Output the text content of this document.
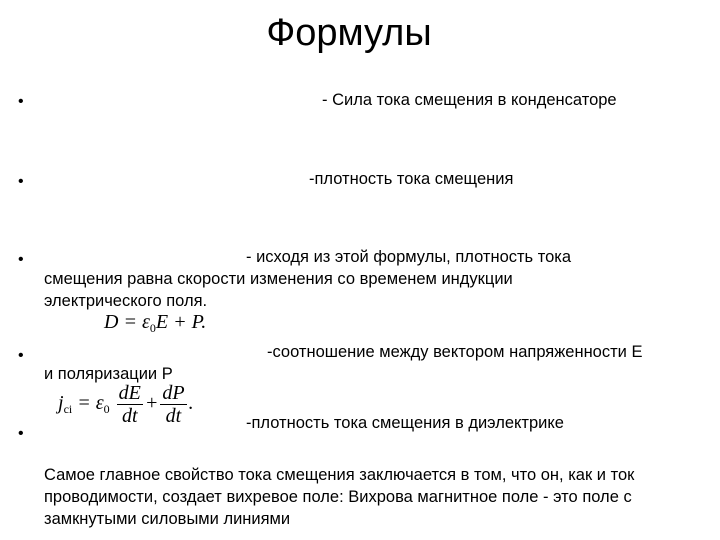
Формулы
•	- Сила тока смещения в конденсаторе
•	-плотность тока смещения
•	- исходя из этой формулы, плотность тока
смещения равна скорости изменения со временем индукции электрического поля.
$D = \varepsilon_0E + P$.
•	-соотношение между вектором напряженности E
и поляризации P
$j_{ci} = \varepsilon_0 \frac{dE}{dt} + \frac{dP}{dt}$ .
•
-плотность тока смещения в диэлектрике
Самое главное свойство тока смещения заключается в том, что он, как и ток проводимости, создает вихревое поле: Вихрова магнитное поле - это поле с замкнутыми силовыми линиями
